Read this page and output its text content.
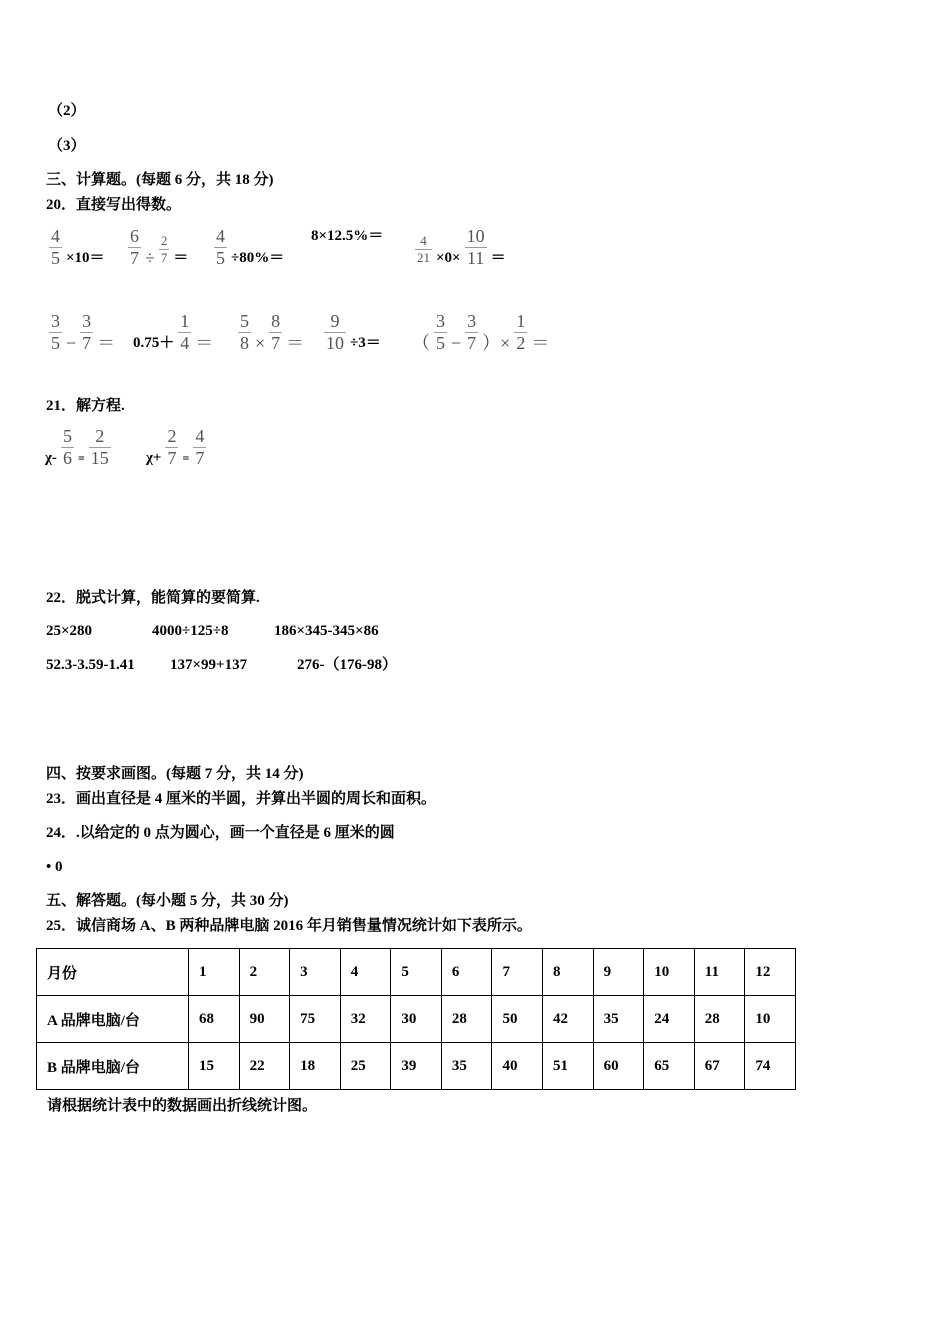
（2）
（3）
三、计算题。(每题 6 分，共 18 分)
20．直接写出得数。
$\frac{4}{5} \times 10= \frac{6}{7} \div \frac{2}{7} = \frac{4}{5} \div 80\%=$
$8\times 12.5\%= \frac{4}{21} \times 0\times \frac{10}{11}$ ＝
$\frac{3}{5} - \frac{3}{7} = 0.75+ \frac{1}{4} = \frac{5}{8} \times \frac{8}{7} = \frac{9}{10} \div 3=$ （ $\frac{3}{5} - \frac{3}{7}$ ）× $\frac{1}{2}$ ＝
21．解方程.
$\chi- \frac{5}{6} = \frac{2}{15} \chi+ \frac{2}{7} = \frac{4}{7}$
22．脱式计算，能简算的要简算.
25×280	4000÷125÷8	186×345-345×86
52.3-3.59-1.41 137×99+137	276-（176-98）
四、按要求画图。(每题 7 分，共 14 分)
23．画出直径是 4 厘米的半圆，并算出半圆的周长和面积。
24．.以给定的 0 点为圆心，画一个直径是 6 厘米的圆
• 0
五、解答题。(每小题 5 分，共 30 分)
25．诚信商场 A、B 两种品牌电脑 2016 年月销售量情况统计如下表所示。
月份	1	2	3	4	5	6	7	8	9	10	11	12
A 品牌电脑/台	68	90	75	32	30	28	50	42	35	24	28	10
B 品牌电脑/台	15	22	18	25	39	35	40	51	60	65	67	74
请根据统计表中的数据画出折线统计图。
